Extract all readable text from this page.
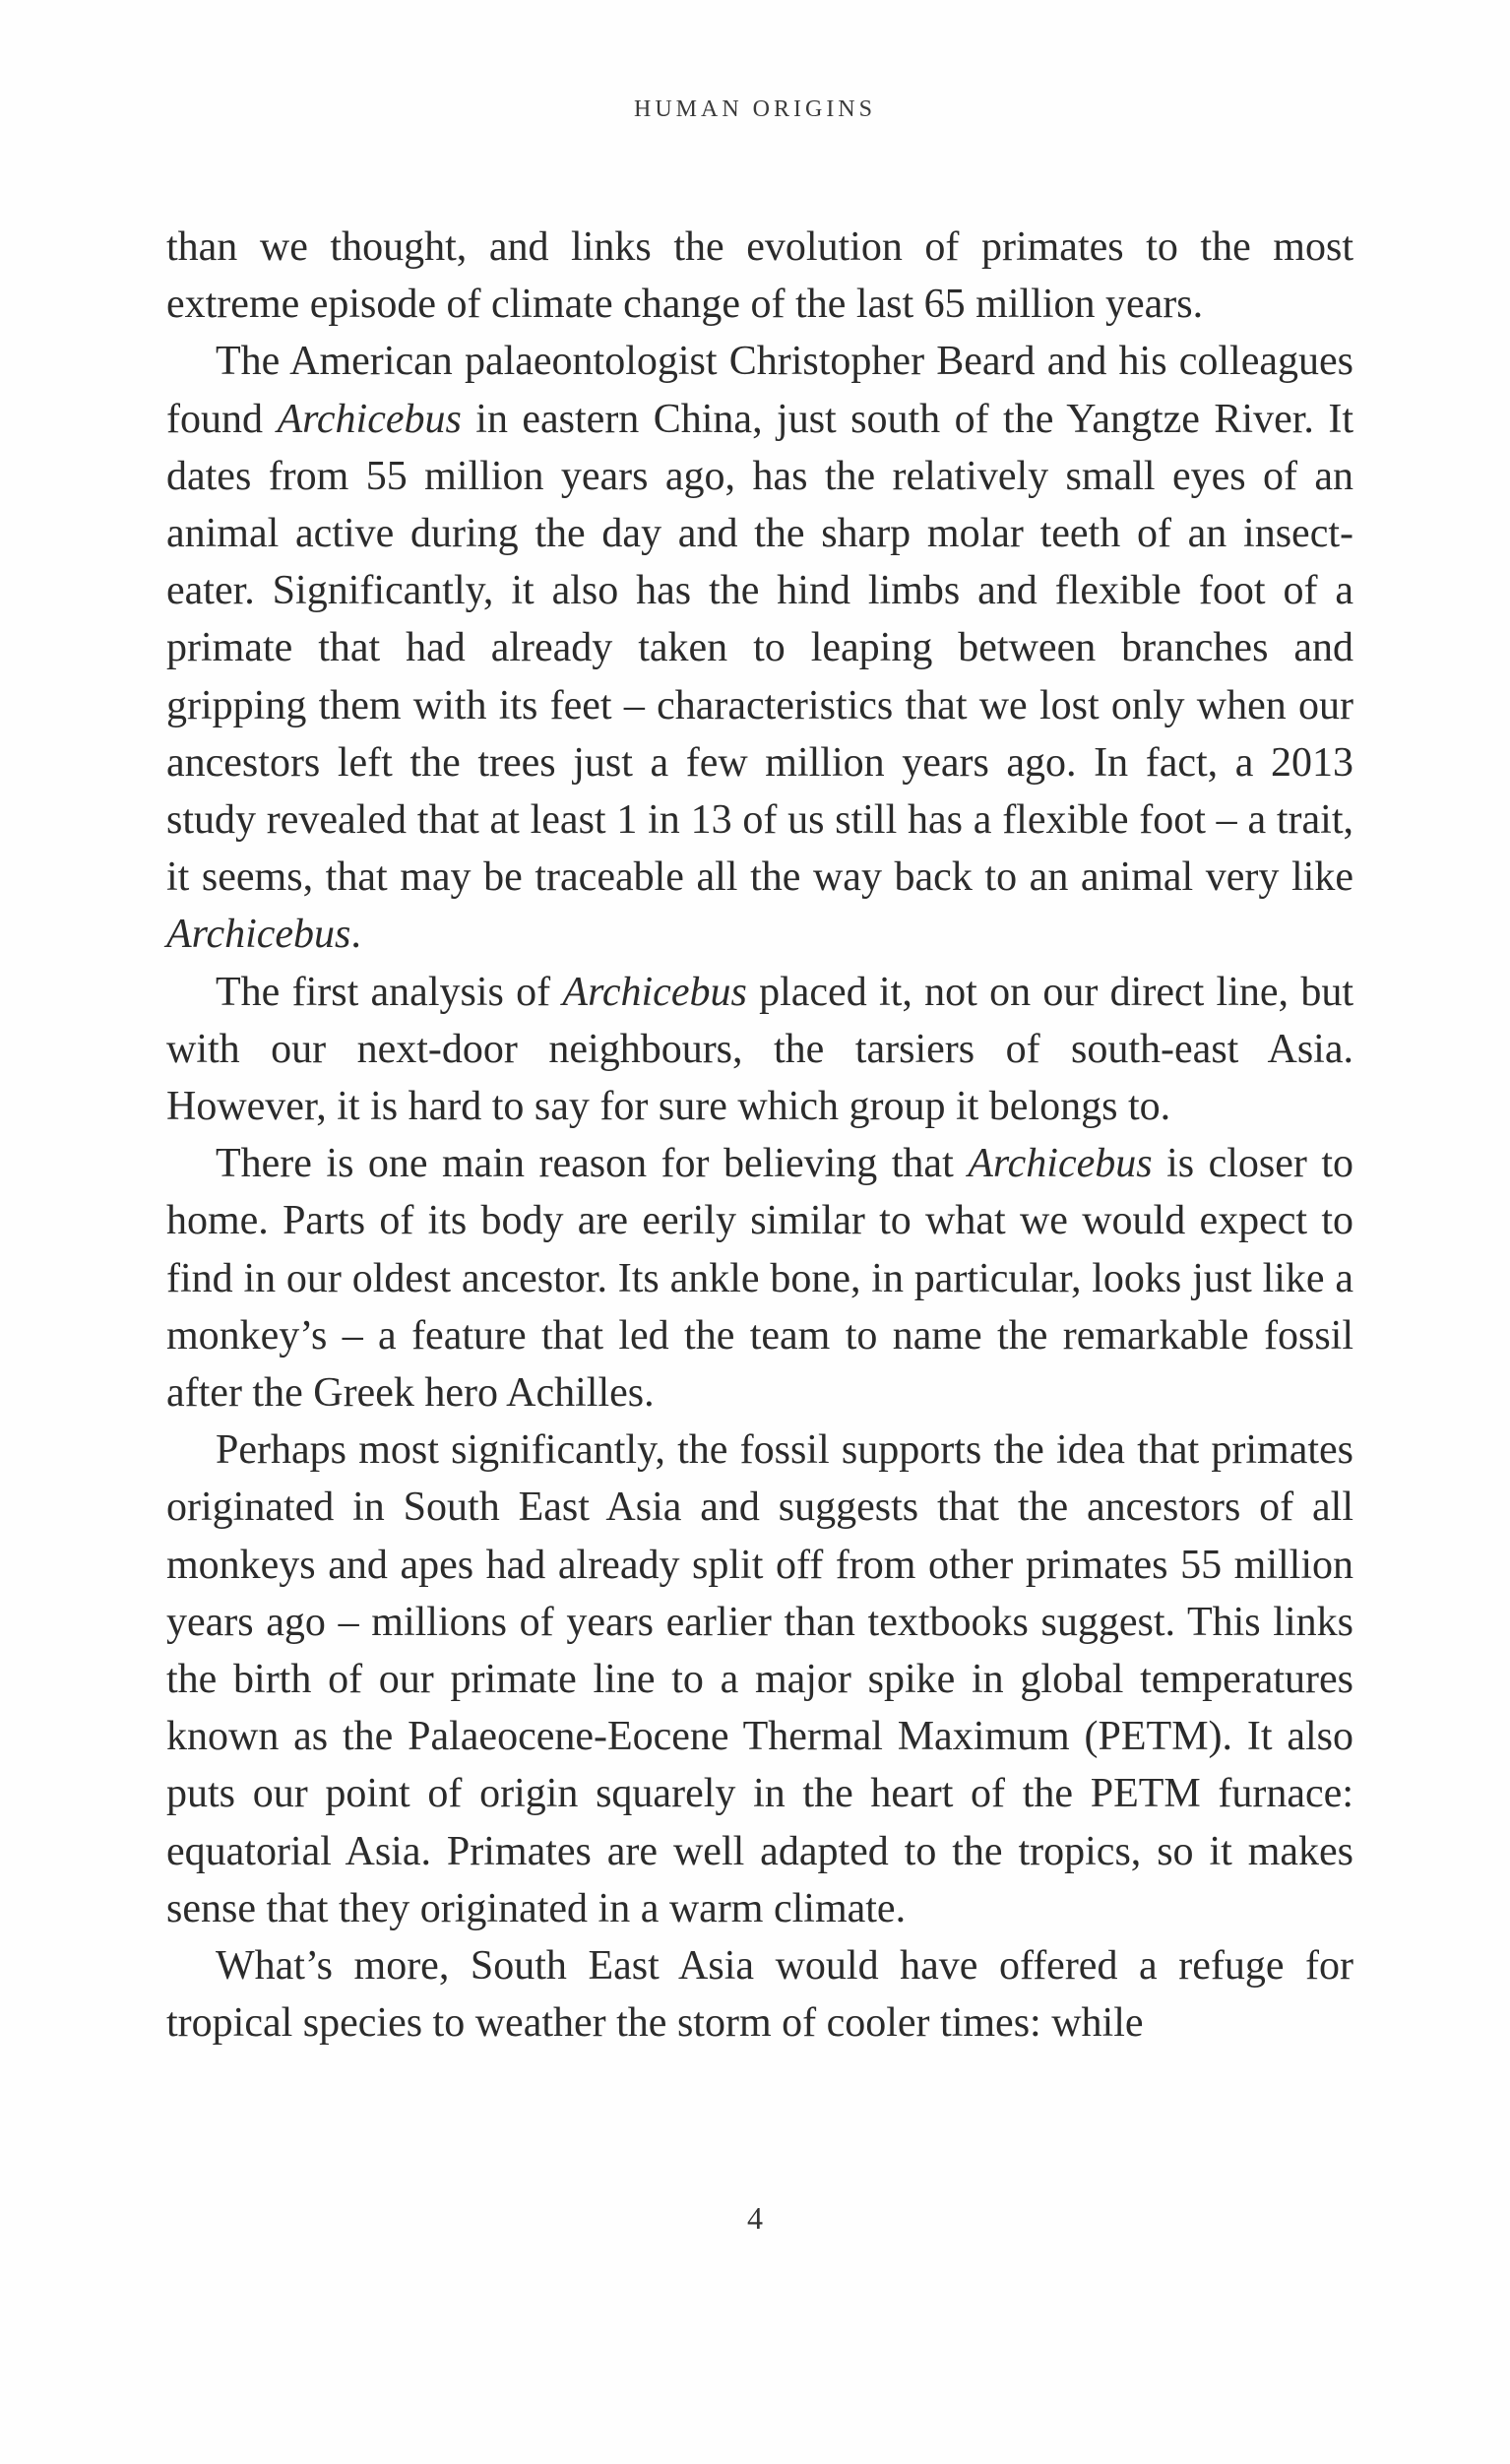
HUMAN ORIGINS

than we thought, and links the evolution of primates to the most extreme episode of climate change of the last 65 million years.

The American palaeontologist Christopher Beard and his colleagues found Archicebus in eastern China, just south of the Yangtze River. It dates from 55 million years ago, has the relatively small eyes of an animal active during the day and the sharp molar teeth of an insect-eater. Significantly, it also has the hind limbs and flexible foot of a primate that had already taken to leaping between branches and gripping them with its feet – characteristics that we lost only when our ancestors left the trees just a few million years ago. In fact, a 2013 study revealed that at least 1 in 13 of us still has a flexible foot – a trait, it seems, that may be traceable all the way back to an animal very like Archicebus.

The first analysis of Archicebus placed it, not on our direct line, but with our next-door neighbours, the tarsiers of south-east Asia. However, it is hard to say for sure which group it belongs to.

There is one main reason for believing that Archicebus is closer to home. Parts of its body are eerily similar to what we would expect to find in our oldest ancestor. Its ankle bone, in particular, looks just like a monkey’s – a feature that led the team to name the remarkable fossil after the Greek hero Achilles.

Perhaps most significantly, the fossil supports the idea that primates originated in South East Asia and suggests that the ancestors of all monkeys and apes had already split off from other primates 55 million years ago – millions of years earlier than textbooks suggest. This links the birth of our primate line to a major spike in global temperatures known as the Palaeocene-Eocene Thermal Maximum (PETM). It also puts our point of origin squarely in the heart of the PETM furnace: equatorial Asia. Primates are well adapted to the tropics, so it makes sense that they originated in a warm climate.

What’s more, South East Asia would have offered a refuge for tropical species to weather the storm of cooler times: while

4
